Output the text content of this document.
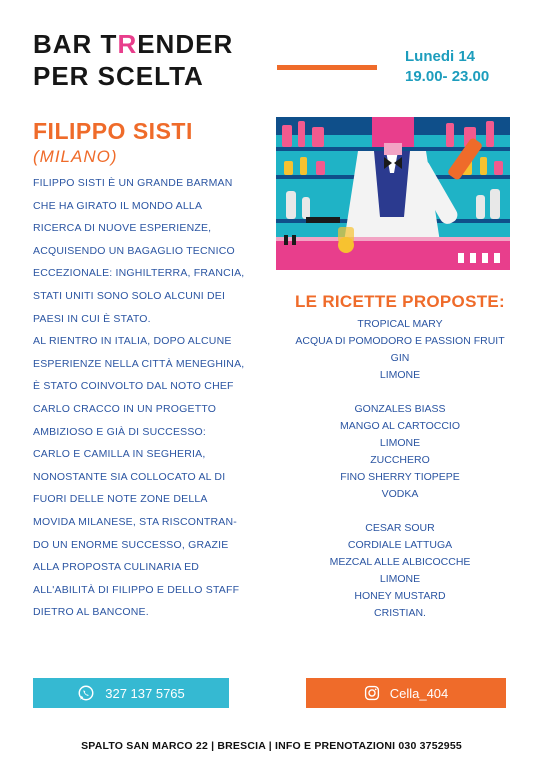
BAR TRENDER
PER SCELTA
Lunedi 14
19.00- 23.00
FILIPPO SISTI
(MILANO)
FILIPPO SISTI È UN GRANDE BARMAN
CHE HA GIRATO IL MONDO ALLA
RICERCA DI NUOVE ESPERIENZE,
ACQUISENDO UN BAGAGLIO TECNICO
ECCEZIONALE: INGHILTERRA, FRANCIA,
STATI UNITI SONO SOLO ALCUNI DEI
PAESI IN CUI È STATO.
AL RIENTRO IN ITALIA, DOPO ALCUNE
ESPERIENZE NELLA CITTÀ MENEGHINA,
È STATO COINVOLTO DAL NOTO CHEF
CARLO CRACCO IN UN PROGETTO
AMBIZIOSO E GIÀ DI SUCCESSO:
CARLO E CAMILLA IN SEGHERIA,
NONOSTANTE SIA COLLOCATO AL DI
FUORI DELLE NOTE ZONE DELLA
MOVIDA MILANESE, STA RISCONTRAN-
DO UN ENORME SUCCESSO, GRAZIE
ALLA PROPOSTA CULINARIA ED
ALL'ABILITÀ DI FILIPPO E DELLO STAFF
DIETRO AL BANCONE.
LE RICETTE PROPOSTE:
TROPICAL MARY
ACQUA DI POMODORO E PASSION FRUIT
GIN
LIMONE
GONZALES BIASS
MANGO AL CARTOCCIO
LIMONE
ZUCCHERO
FINO SHERRY TIOPEPE
VODKA
CESAR SOUR
CORDIALE LATTUGA
MEZCAL ALLE ALBICOCCHE
LIMONE
HONEY MUSTARD
CRISTIAN.
327 137 5765	Cella_404
SPALTO SAN MARCO 22 | BRESCIA | INFO E PRENOTAZIONI 030 3752955
